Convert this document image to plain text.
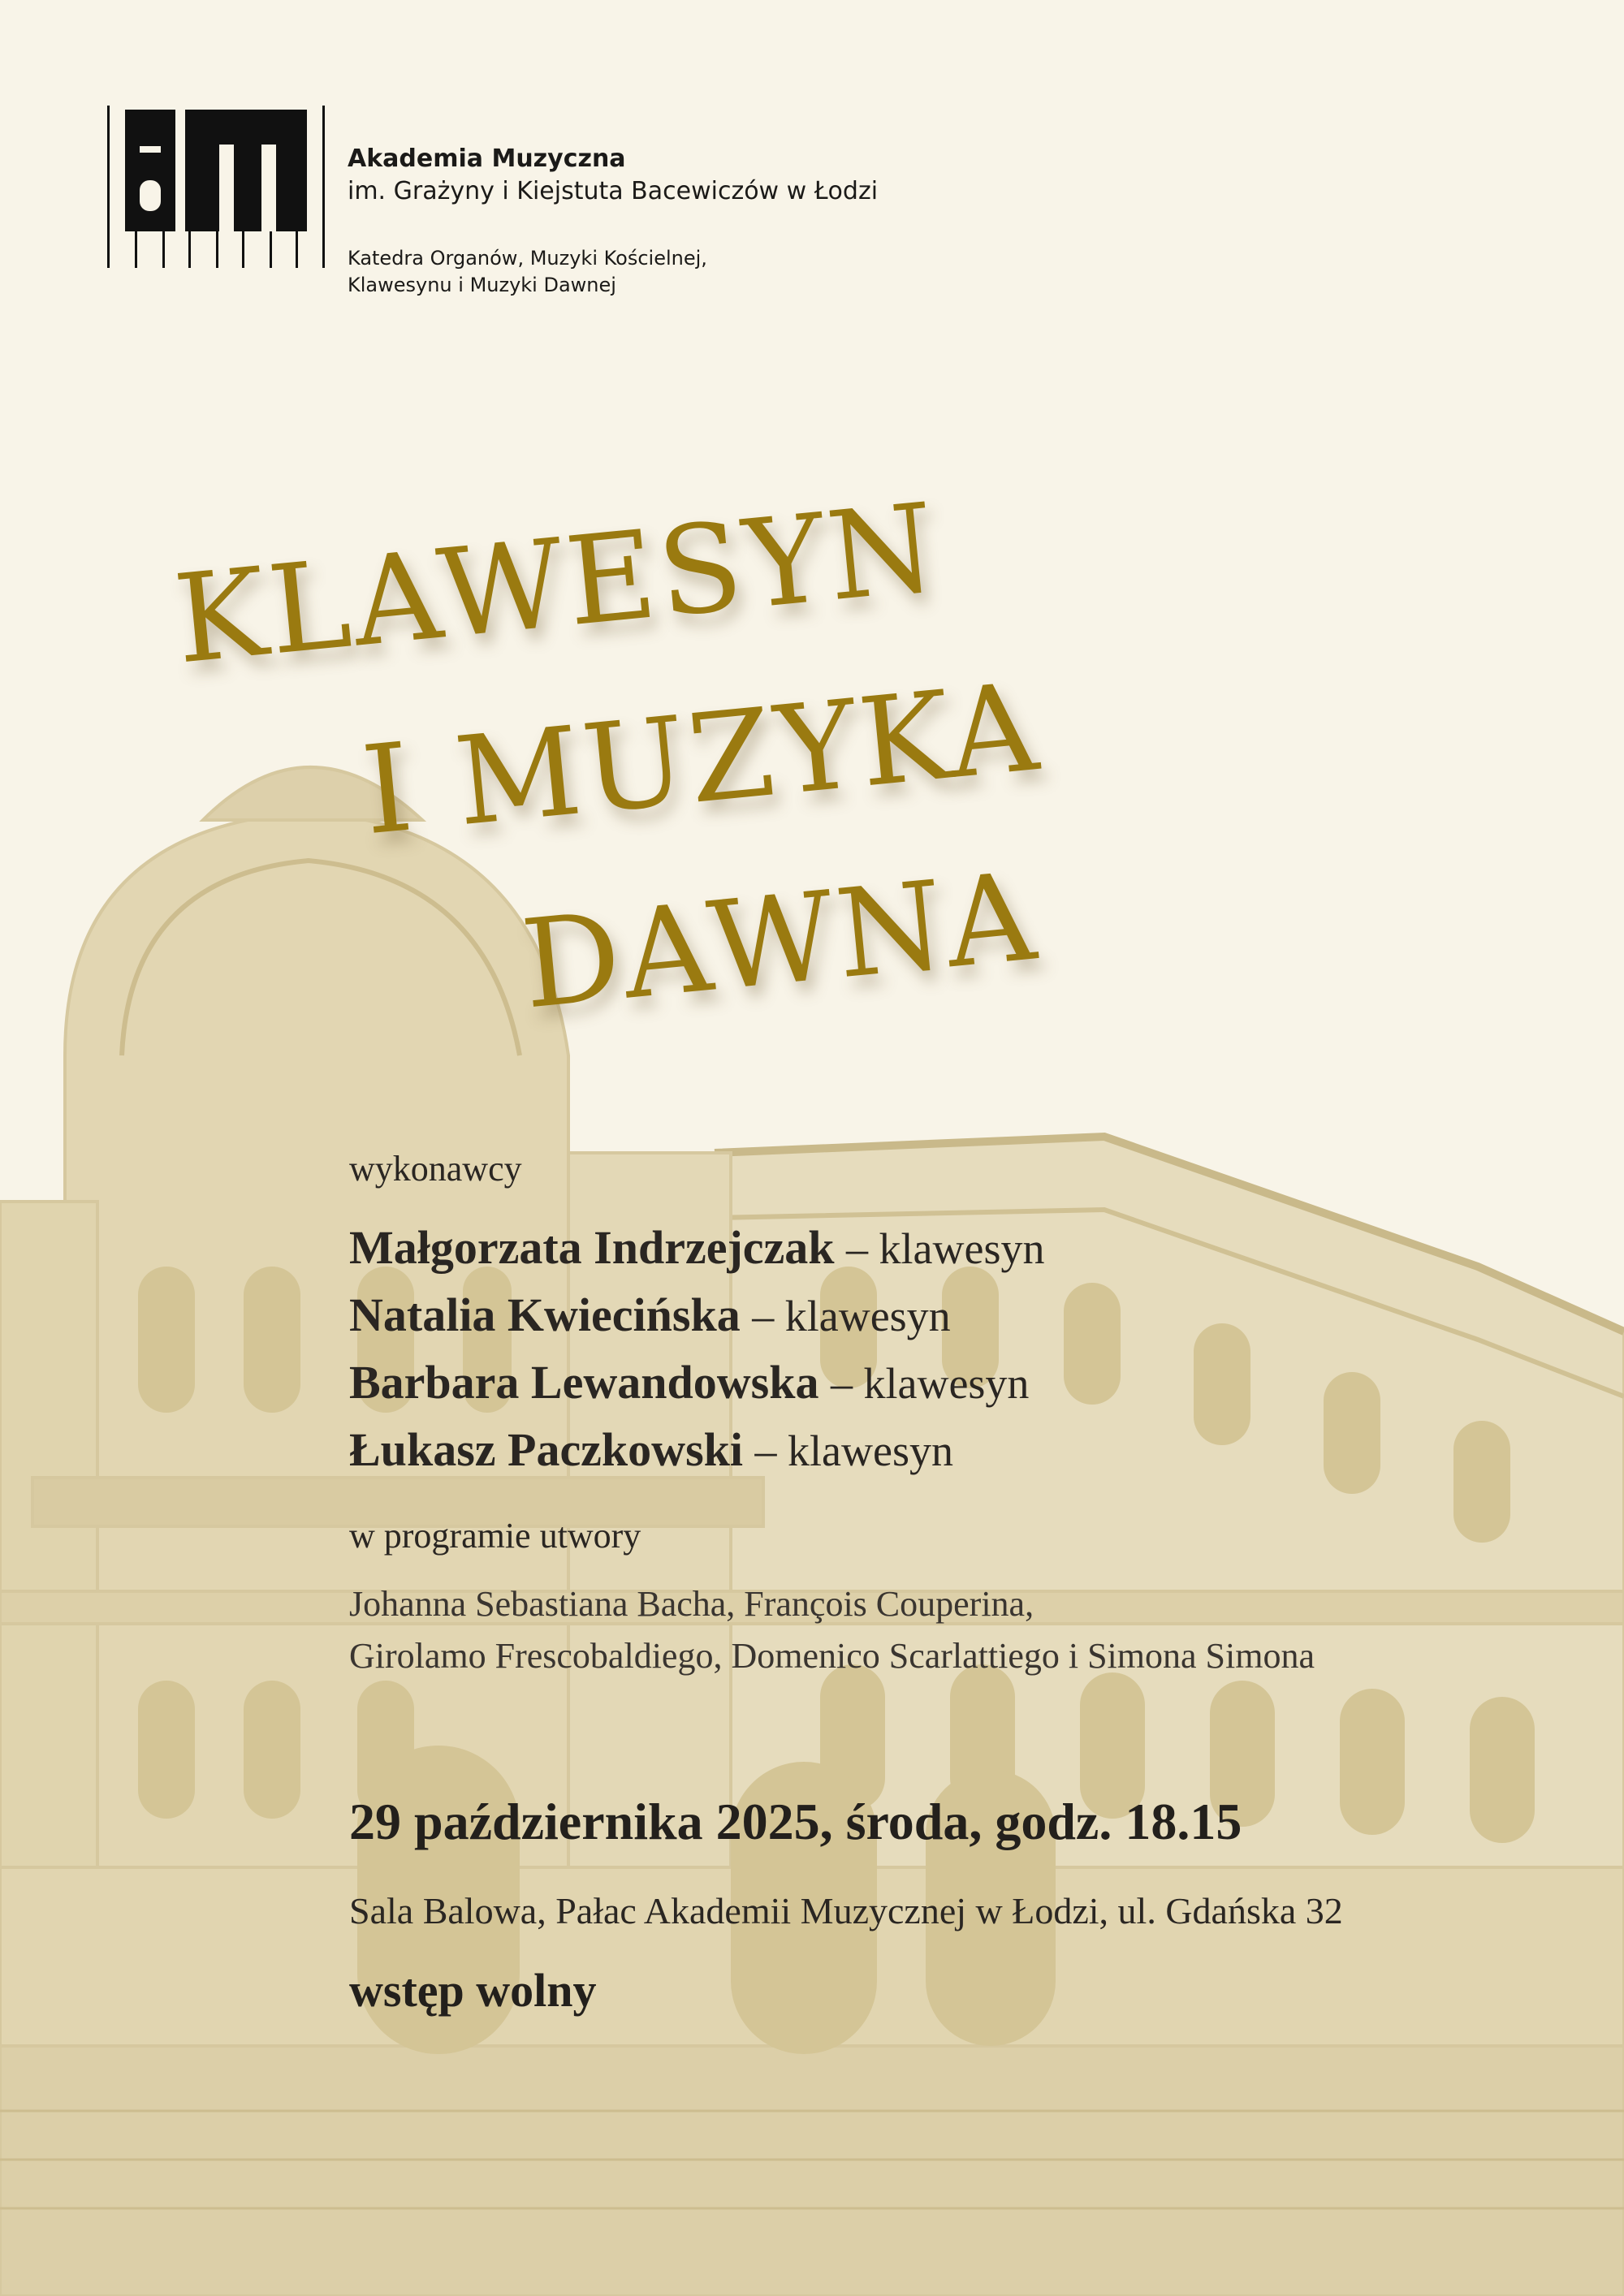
Akademia Muzyczna
im. Grażyny i Kiejstuta Bacewiczów w Łodzi
Katedra Organów, Muzyki Kościelnej,
Klawesynu i Muzyki Dawnej
KLAWESYN
I MUZYKA
DAWNA
wykonawcy
Małgorzata Indrzejczak – klawesyn
Natalia Kwiecińska – klawesyn
Barbara Lewandowska – klawesyn
Łukasz Paczkowski – klawesyn
w programie utwory
Johanna Sebastiana Bacha, François Couperina,
Girolamo Frescobaldiego, Domenico Scarlattiego i Simona Simona
29 października 2025, środa, godz. 18.15
Sala Balowa, Pałac Akademii Muzycznej w Łodzi, ul. Gdańska 32
wstęp wolny
